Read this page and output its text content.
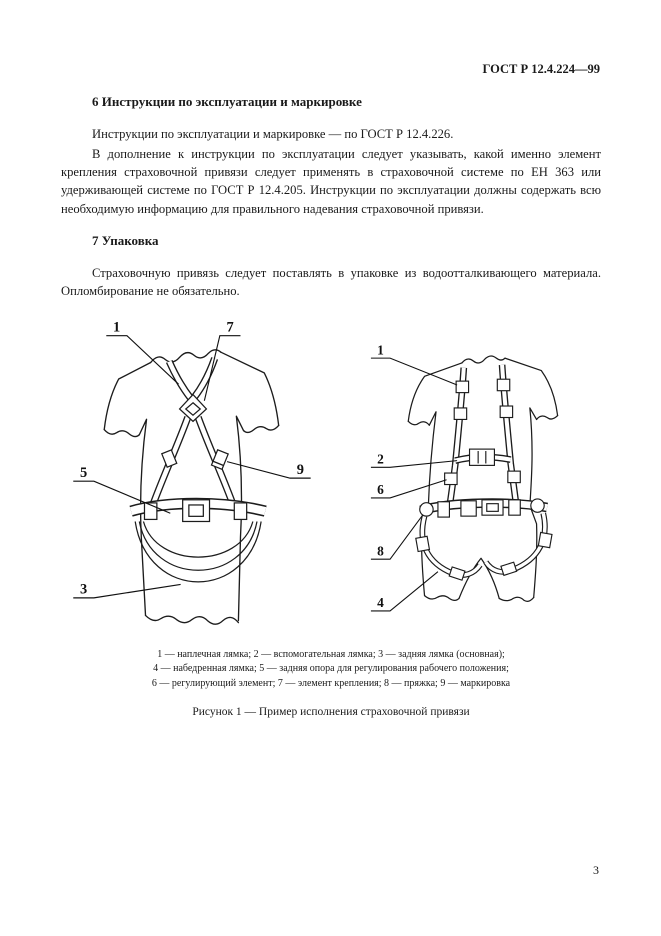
ГОСТ Р 12.4.224—99
6 Инструкции по эксплуатации и маркировке

Инструкции по эксплуатации и маркировке — по ГОСТ Р 12.4.226.

В дополнение к инструкции по эксплуатации следует указывать, какой именно элемент крепления страховочной привязи следует применять в страховочной системе по ЕН 363 или удерживающей системе по ГОСТ Р 12.4.205. Инструкции по эксплуатации должны содержать всю необходимую информацию для правильного надевания страховочной привязи.

7 Упаковка

Страховочную привязь следует поставлять в упаковке из водоотталкивающего материала. Опломбирование не обязательно.

1	7
5	9
3
1
2
6
8
4
1 — наплечная лямка; 2 — вспомогательная лямка; 3 — задняя лямка (основная);
4 — набедренная лямка; 5 — задняя опора для регулирования рабочего положения;
6 — регулирующий элемент; 7 — элемент крепления; 8 — пряжка; 9 — маркировка
Рисунок 1 — Пример исполнения страховочной привязи
3
